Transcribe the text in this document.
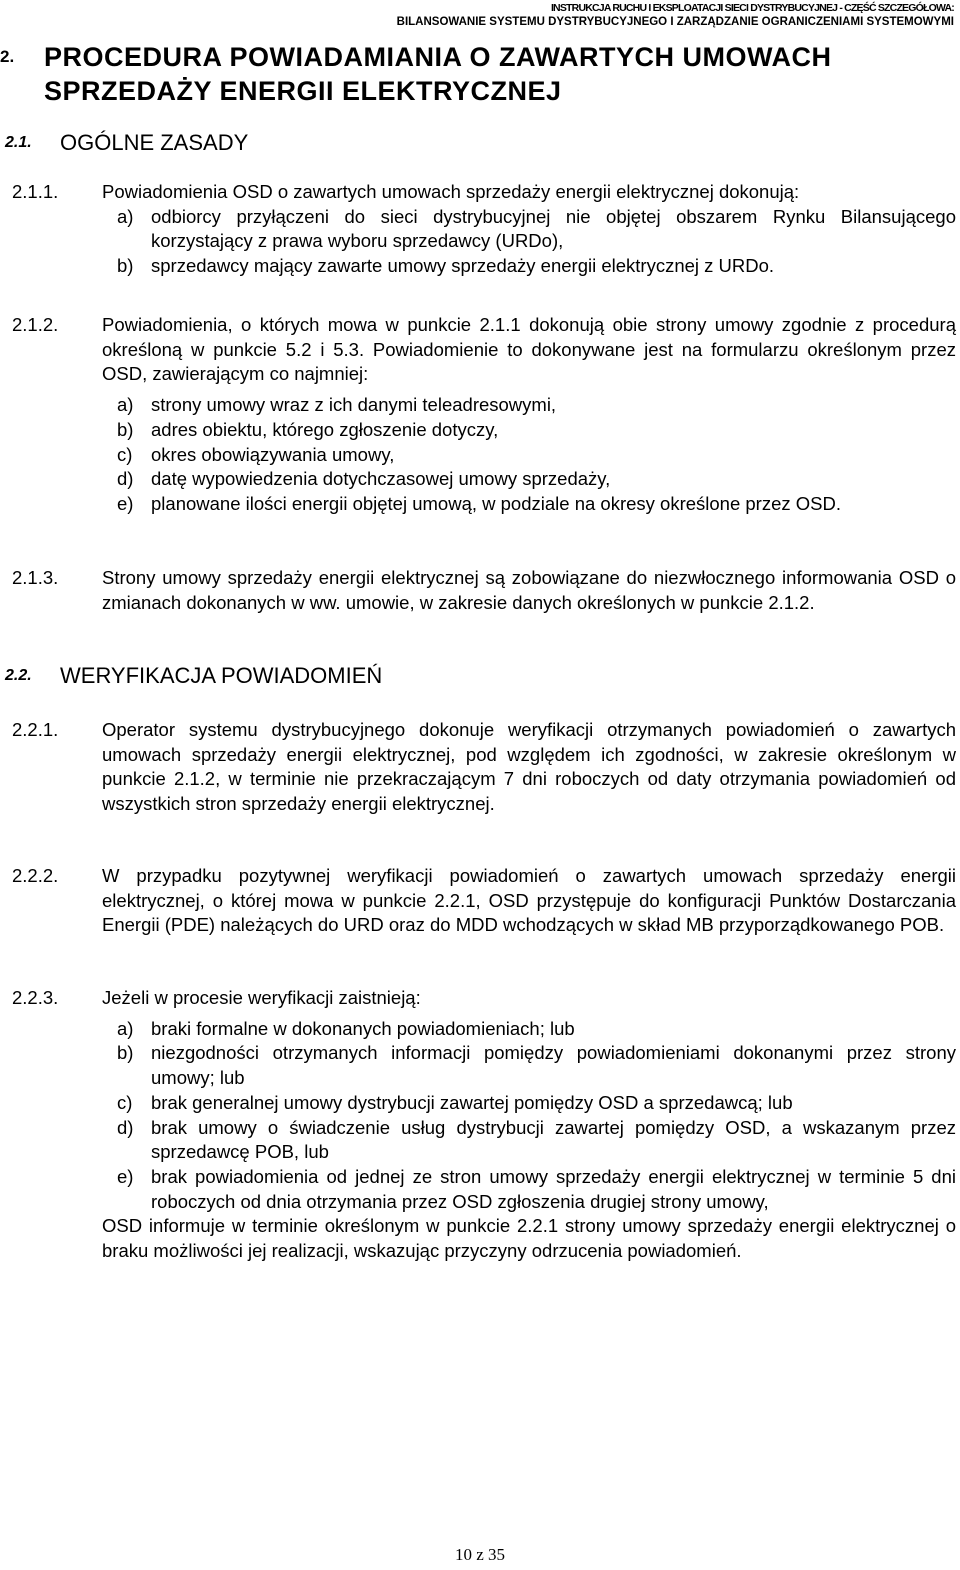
INSTRUKCJA RUCHU I EKSPLOATACJI SIECI DYSTRYBUCYJNEJ - CZĘŚĆ SZCZEGÓŁOWA:
BILANSOWANIE SYSTEMU DYSTRYBUCYJNEGO I ZARZĄDZANIE OGRANICZENIAMI SYSTEMOWYMI
2. PROCEDURA POWIADAMIANIA O ZAWARTYCH UMOWACH SPRZEDAŻY ENERGII ELEKTRYCZNEJ
2.1. OGÓLNE ZASADY
2.1.1. Powiadomienia OSD o zawartych umowach sprzedaży energii elektrycznej dokonują:

a) odbiorcy przyłączeni do sieci dystrybucyjnej nie objętej obszarem Rynku Bilansującego korzystający z prawa wyboru sprzedawcy (URDo),
b) sprzedawcy mający zawarte umowy sprzedaży energii elektrycznej z URDo.
2.1.2. Powiadomienia, o których mowa w punkcie 2.1.1 dokonują obie strony umowy zgodnie z procedurą określoną w punkcie 5.2 i 5.3. Powiadomienie to dokonywane jest na formularzu określonym przez OSD, zawierającym co najmniej:

a) strony umowy wraz z ich danymi teleadresowymi,
b) adres obiektu, którego zgłoszenie dotyczy,
c) okres obowiązywania umowy,
d) datę wypowiedzenia dotychczasowej umowy sprzedaży,
e) planowane ilości energii objętej umową, w podziale na okresy określone przez OSD.
2.1.3. Strony umowy sprzedaży energii elektrycznej są zobowiązane do niezwłocznego informowania OSD o zmianach dokonanych w ww. umowie, w zakresie danych określonych w punkcie 2.1.2.

2.2. WERYFIKACJA POWIADOMIEŃ
2.2.1. Operator systemu dystrybucyjnego dokonuje weryfikacji otrzymanych powiadomień o zawartych umowach sprzedaży energii elektrycznej, pod względem ich zgodności, w zakresie określonym w punkcie 2.1.2, w terminie nie przekraczającym 7 dni roboczych od daty otrzymania powiadomień od wszystkich stron sprzedaży energii elektrycznej.

2.2.2. W przypadku pozytywnej weryfikacji powiadomień o zawartych umowach sprzedaży energii elektrycznej, o której mowa w punkcie 2.2.1, OSD przystępuje do konfiguracji Punktów Dostarczania Energii (PDE) należących do URD oraz do MDD wchodzących w skład MB przyporządkowanego POB.

2.2.3. Jeżeli w procesie weryfikacji zaistnieją:

a) braki formalne w dokonanych powiadomieniach; lub
b) niezgodności otrzymanych informacji pomiędzy powiadomieniami dokonanymi przez strony umowy; lub
c) brak generalnej umowy dystrybucji zawartej pomiędzy OSD a sprzedawcą; lub
d) brak umowy o świadczenie usług dystrybucji zawartej pomiędzy OSD, a wskazanym przez sprzedawcę POB, lub
e) brak powiadomienia od jednej ze stron umowy sprzedaży energii elektrycznej w terminie 5 dni roboczych od dnia otrzymania przez OSD zgłoszenia drugiej strony umowy,

OSD informuje w terminie określonym w punkcie 2.2.1 strony umowy sprzedaży energii elektrycznej o braku możliwości jej realizacji, wskazując przyczyny odrzucenia powiadomień.

10 z 35
